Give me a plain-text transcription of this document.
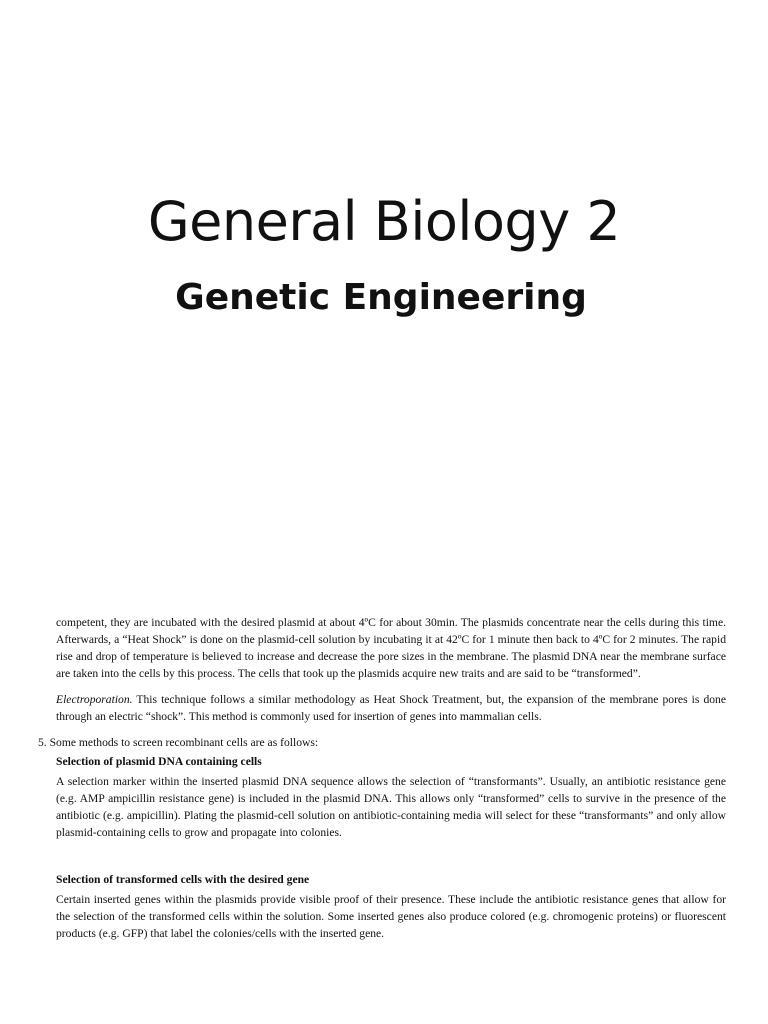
General Biology 2
Genetic Engineering

competent, they are incubated with the desired plasmid at about 4ºC for about 30min. The plasmids concentrate near the cells during this time. Afterwards, a “Heat Shock” is done on the plasmid-cell solution by incubating it at 42ºC for 1 minute then back to 4ºC for 2 minutes. The rapid rise and drop of temperature is believed to increase and decrease the pore sizes in the membrane. The plasmid DNA near the membrane surface are taken into the cells by this process. The cells that took up the plasmids acquire new traits and are said to be “transformed”.

Electroporation. This technique follows a similar methodology as Heat Shock Treatment, but, the expansion of the membrane pores is done through an electric “shock”. This method is commonly used for insertion of genes into mammalian cells.

5. Some methods to screen recombinant cells are as follows:
Selection of plasmid DNA containing cells

A selection marker within the inserted plasmid DNA sequence allows the selection of “transformants”. Usually, an antibiotic resistance gene (e.g. AMP ampicillin resistance gene) is included in the plasmid DNA. This allows only “transformed” cells to survive in the presence of the antibiotic (e.g. ampicillin). Plating the plasmid-cell solution on antibiotic-containing media will select for these “transformants” and only allow plasmid-containing cells to grow and propagate into colonies.

Selection of transformed cells with the desired gene

Certain inserted genes within the plasmids provide visible proof of their presence. These include the antibiotic resistance genes that allow for the selection of the transformed cells within the solution. Some inserted genes also produce colored (e.g. chromogenic proteins) or fluorescent products (e.g. GFP) that label the colonies/cells with the inserted gene.
